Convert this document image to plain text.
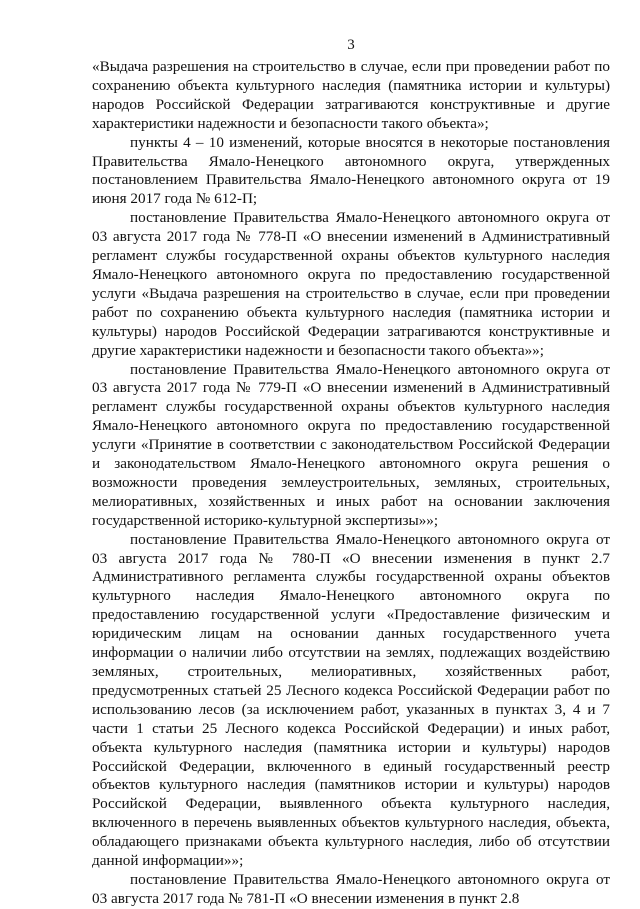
3

«Выдача разрешения на строительство в случае, если при проведении работ по сохранению объекта культурного наследия (памятника истории и культуры) народов Российской Федерации затрагиваются конструктивные и другие характеристики надежности и безопасности такого объекта»;

пункты 4 – 10 изменений, которые вносятся в некоторые постановления Правительства Ямало-Ненецкого автономного округа, утвержденных постановлением Правительства Ямало-Ненецкого автономного округа от 19 июня 2017 года № 612-П;

постановление Правительства Ямало-Ненецкого автономного округа от 03 августа 2017 года № 778-П «О внесении изменений в Административный регламент службы государственной охраны объектов культурного наследия Ямало-Ненецкого автономного округа по предоставлению государственной услуги «Выдача разрешения на строительство в случае, если при проведении работ по сохранению объекта культурного наследия (памятника истории и культуры) народов Российской Федерации затрагиваются конструктивные и другие характеристики надежности и безопасности такого объекта»»;

постановление Правительства Ямало-Ненецкого автономного округа от 03 августа 2017 года № 779-П «О внесении изменений в Административный регламент службы государственной охраны объектов культурного наследия Ямало-Ненецкого автономного округа по предоставлению государственной услуги «Принятие в соответствии с законодательством Российской Федерации и законодательством Ямало-Ненецкого автономного округа решения о возможности проведения землеустроительных, земляных, строительных, мелиоративных, хозяйственных и иных работ на основании заключения государственной историко-культурной экспертизы»»;

постановление Правительства Ямало-Ненецкого автономного округа от 03 августа 2017 года № 780-П «О внесении изменения в пункт 2.7 Административного регламента службы государственной охраны объектов культурного наследия Ямало-Ненецкого автономного округа по предоставлению государственной услуги «Предоставление физическим и юридическим лицам на основании данных государственного учета информации о наличии либо отсутствии на землях, подлежащих воздействию земляных, строительных, мелиоративных, хозяйственных работ, предусмотренных статьей 25 Лесного кодекса Российской Федерации работ по использованию лесов (за исключением работ, указанных в пунктах 3, 4 и 7 части 1 статьи 25 Лесного кодекса Российской Федерации) и иных работ, объекта культурного наследия (памятника истории и культуры) народов Российской Федерации, включенного в единый государственный реестр объектов культурного наследия (памятников истории и культуры) народов Российской Федерации, выявленного объекта культурного наследия, включенного в перечень выявленных объектов культурного наследия, объекта, обладающего признаками объекта культурного наследия, либо об отсутствии данной информации»»;

постановление Правительства Ямало-Ненецкого автономного округа от 03 августа 2017 года № 781-П «О внесении изменения в пункт 2.8
